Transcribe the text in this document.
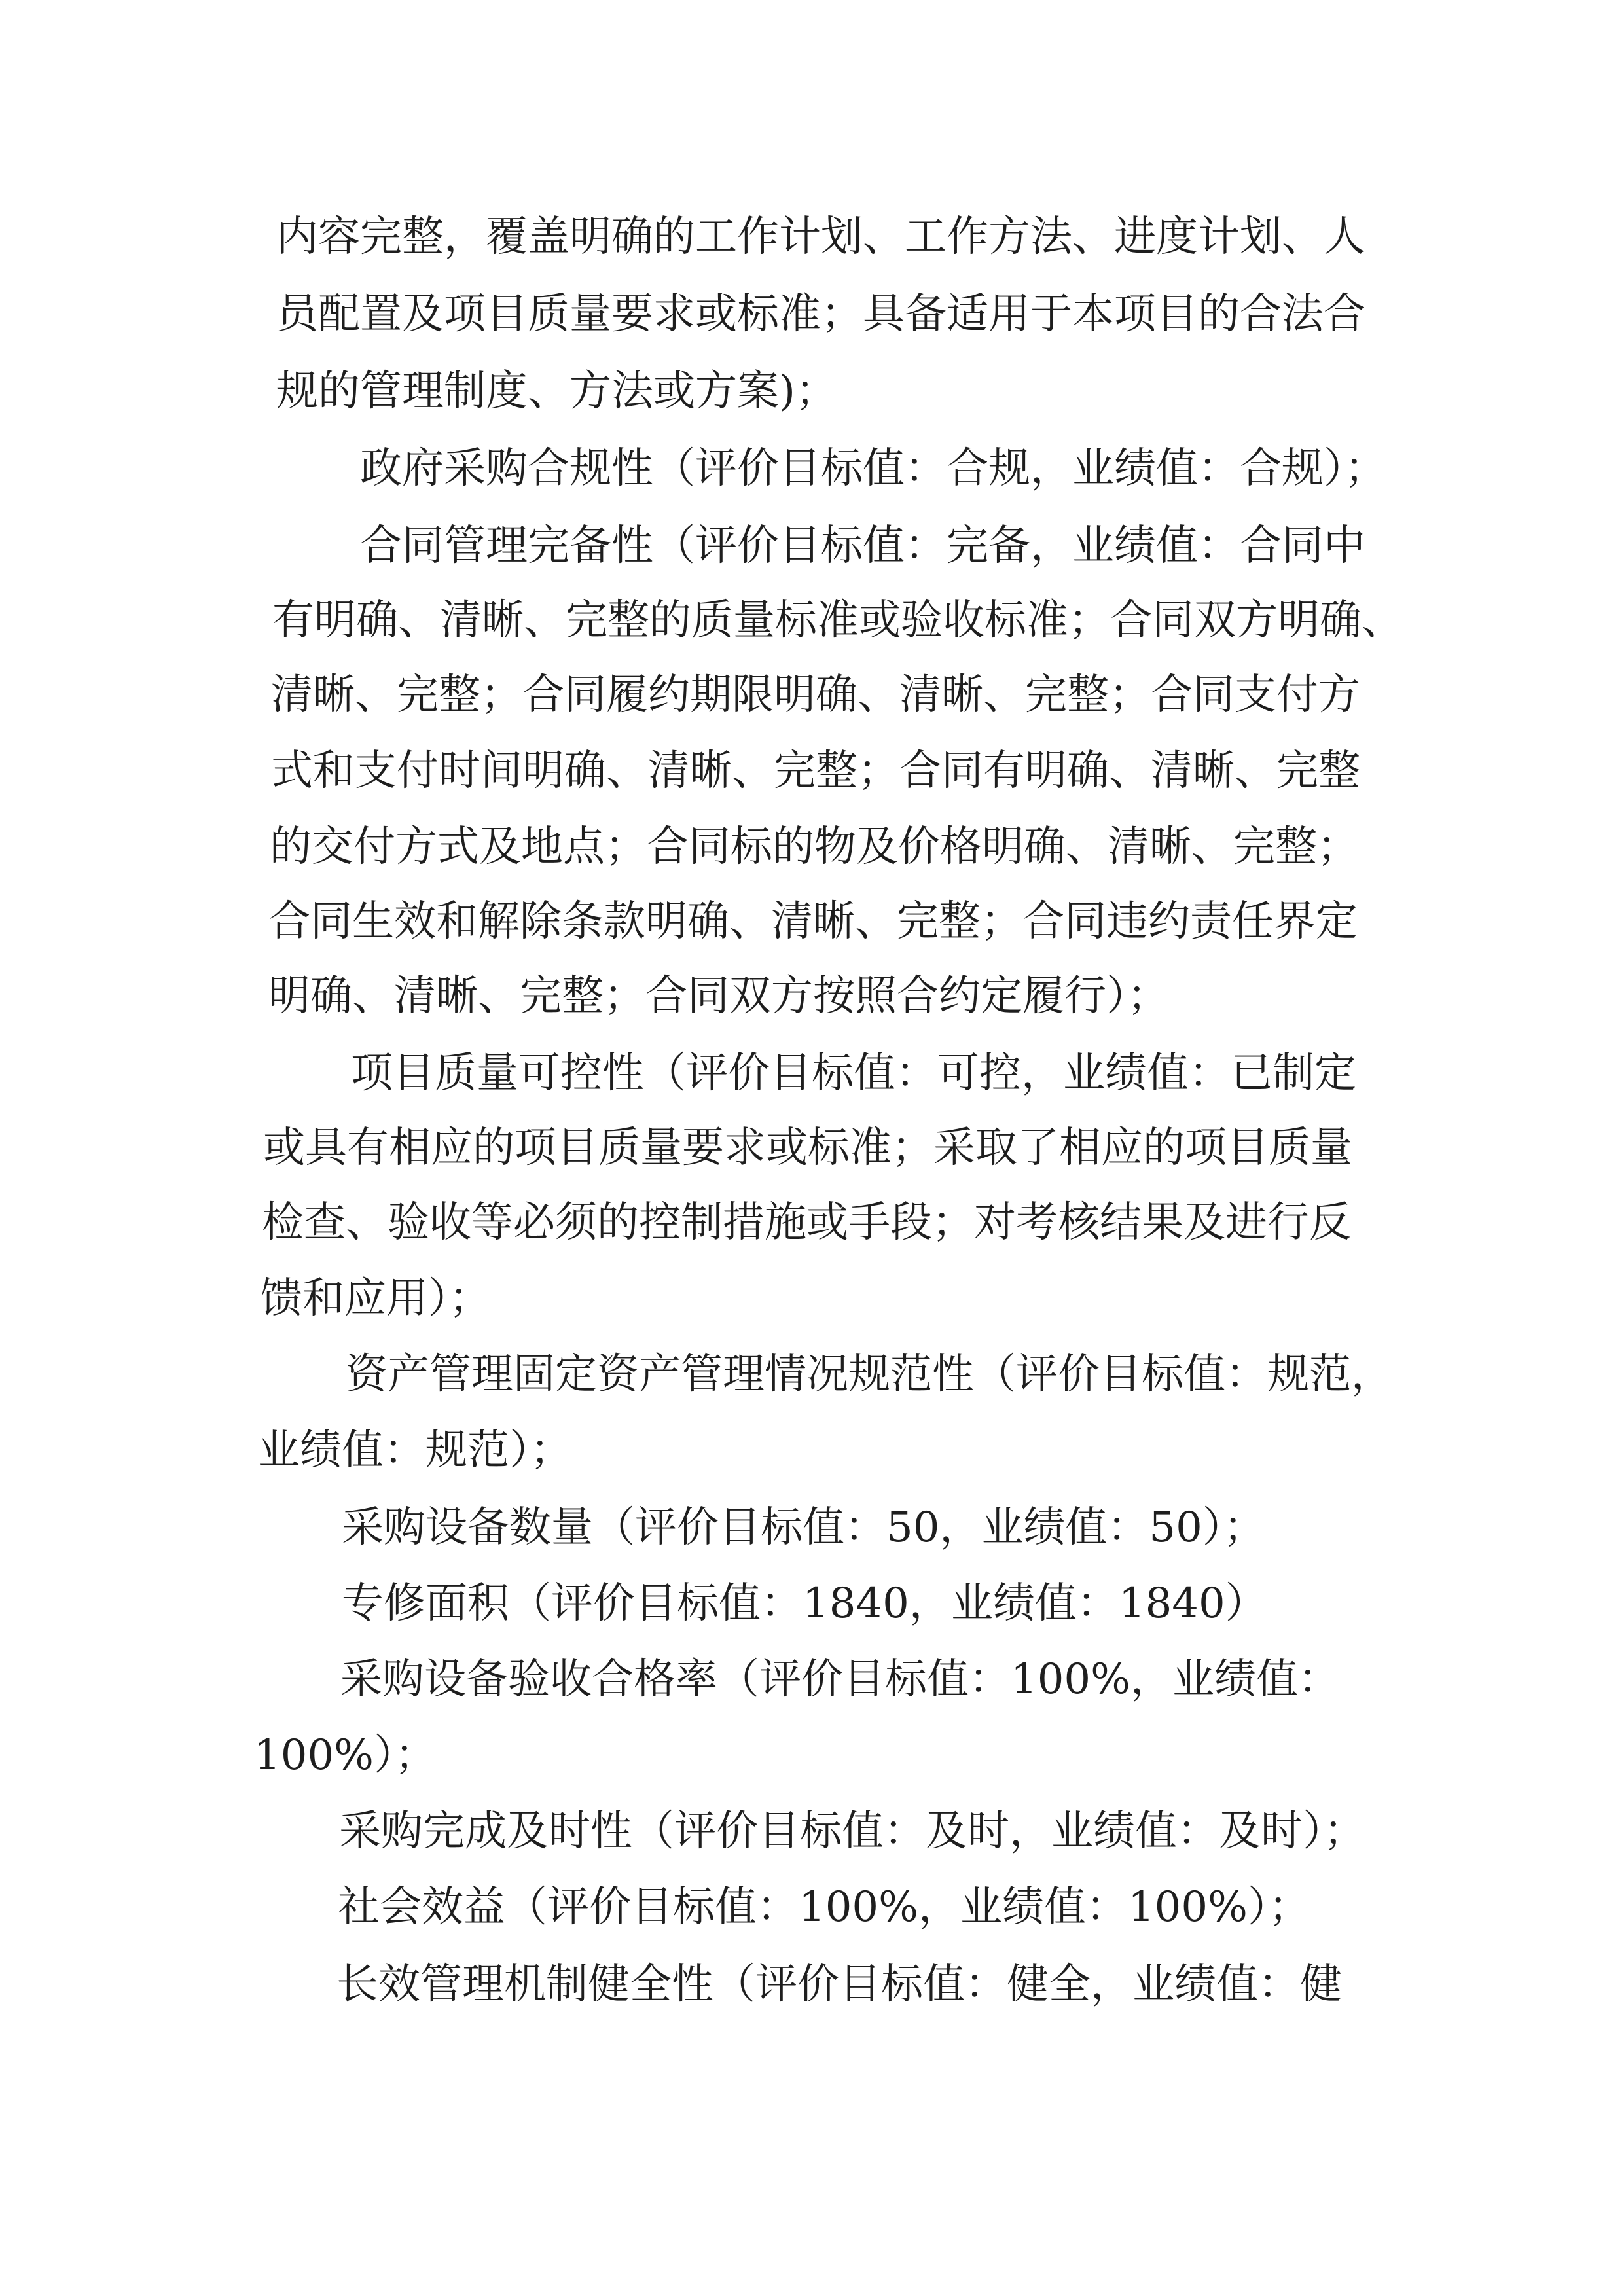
内容完整，覆盖明确的工作计划、工作方法、进度计划、人

员配置及项目质量要求或标准；具备适用于本项目的合法合

规的管理制度、方法或方案)；

政府采购合规性（评价目标值：合规，业绩值：合规）；

合同管理完备性（评价目标值：完备，业绩值：合同中

有明确、清晰、完整的质量标准或验收标准；合同双方明确、

清晰、完整；合同履约期限明确、清晰、完整；合同支付方

式和支付时间明确、清晰、完整；合同有明确、清晰、完整

的交付方式及地点；合同标的物及价格明确、清晰、完整；

合同生效和解除条款明确、清晰、完整；合同违约责任界定

明确、清晰、完整；合同双方按照合约定履行）；

项目质量可控性（评价目标值：可控，业绩值：已制定

或具有相应的项目质量要求或标准；采取了相应的项目质量

检查、验收等必须的控制措施或手段；对考核结果及进行反

馈和应用）；

资产管理固定资产管理情况规范性（评价目标值：规范，

业绩值：规范）；

采购设备数量（评价目标值：50，业绩值：50）；

专修面积（评价目标值：1840，业绩值：1840）

采购设备验收合格率（评价目标值：100%，业绩值：

100%）；

采购完成及时性（评价目标值：及时，业绩值：及时）；

社会效益（评价目标值：100%，业绩值：100%）；

长效管理机制健全性（评价目标值：健全，业绩值：健
